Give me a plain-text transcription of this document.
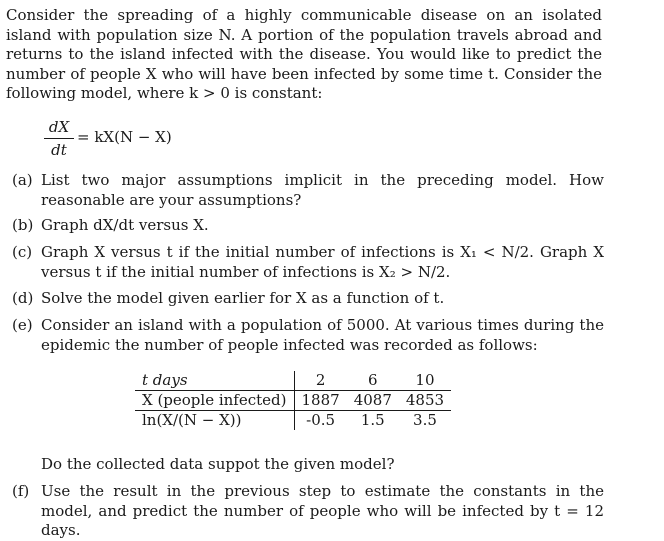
Consider the spreading of a highly communicable disease on an isolated island with population size N. A portion of the population travels abroad and returns to the island infected with the disease. You would like to predict the number of people X who will have been infected by some time t. Consider the following model, where k > 0 is constant:
dX
dt
= kX(N − X)
(a) List two major assumptions implicit in the preceding model. How reasonable are your assumptions?
(b) Graph dX/dt versus X.
(c) Graph X versus t if the initial number of infections is X₁ < N/2. Graph X versus t if the initial number of infections is X₂ > N/2.
(d) Solve the model given earlier for X as a function of t.
(e) Consider an island with a population of 5000. At various times during the epidemic the number of people infected was recorded as follows:
(f) Use the result in the previous step to estimate the constants in the model, and predict the number of people who will be infected by t = 12 days.
t days	2	6	10
X (people infected)	1887	4087	4853
ln(X/(N − X))	-0.5	1.5	3.5
Do the collected data suppot the given model?
